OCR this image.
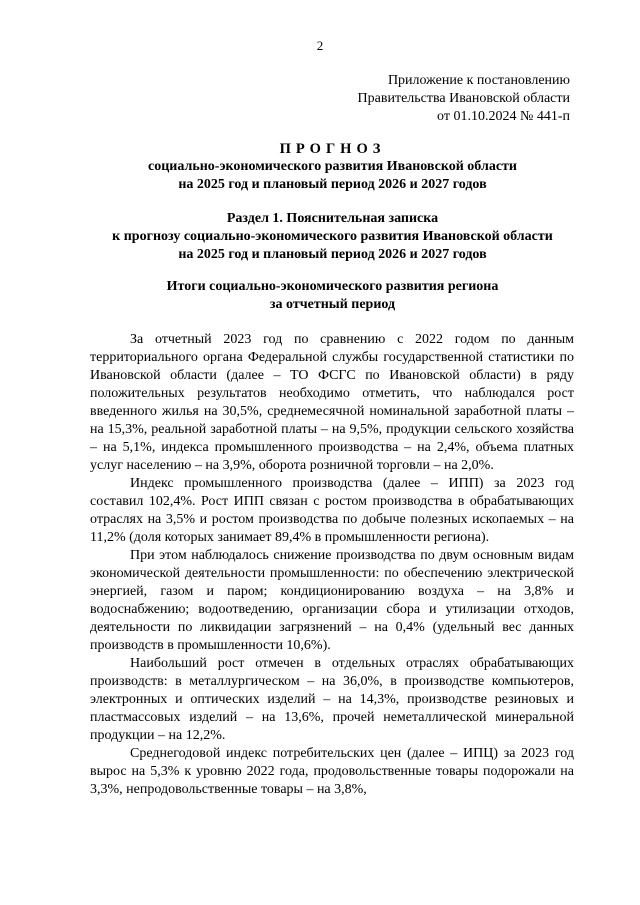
2
Приложение к постановлению
Правительства Ивановской области
от 01.10.2024 № 441-п
ПРОГНОЗ
социально-экономического развития Ивановской области
на 2025 год и плановый период 2026 и 2027 годов
Раздел 1. Пояснительная записка
к прогнозу социально-экономического развития Ивановской области
на 2025 год и плановый период 2026 и 2027 годов
Итоги социально-экономического развития региона
за отчетный период

За отчетный 2023 год по сравнению с 2022 годом по данным территориального органа Федеральной службы государственной статистики по Ивановской области (далее – ТО ФСГС по Ивановской области) в ряду положительных результатов необходимо отметить, что наблюдался рост введенного жилья на 30,5%, среднемесячной номинальной заработной платы – на 15,3%, реальной заработной платы – на 9,5%, продукции сельского хозяйства – на 5,1%, индекса промышленного производства – на 2,4%, объема платных услуг населению – на 3,9%, оборота розничной торговли – на 2,0%.

Индекс промышленного производства (далее – ИПП) за 2023 год составил 102,4%. Рост ИПП связан с ростом производства в обрабатывающих отраслях на 3,5% и ростом производства по добыче полезных ископаемых – на 11,2% (доля которых занимает 89,4% в промышленности региона).

При этом наблюдалось снижение производства по двум основным видам экономической деятельности промышленности: по обеспечению электрической энергией, газом и паром; кондиционированию воздуха – на 3,8% и водоснабжению; водоотведению, организации сбора и утилизации отходов, деятельности по ликвидации загрязнений – на 0,4% (удельный вес данных производств в промышленности 10,6%).

Наибольший рост отмечен в отдельных отраслях обрабатывающих производств: в металлургическом – на 36,0%, в производстве компьютеров, электронных и оптических изделий – на 14,3%, производстве резиновых и пластмассовых изделий – на 13,6%, прочей неметаллической минеральной продукции – на 12,2%.

Среднегодовой индекс потребительских цен (далее – ИПЦ) за 2023 год вырос на 5,3% к уровню 2022 года, продовольственные товары подорожали на 3,3%, непродовольственные товары – на 3,8%,
